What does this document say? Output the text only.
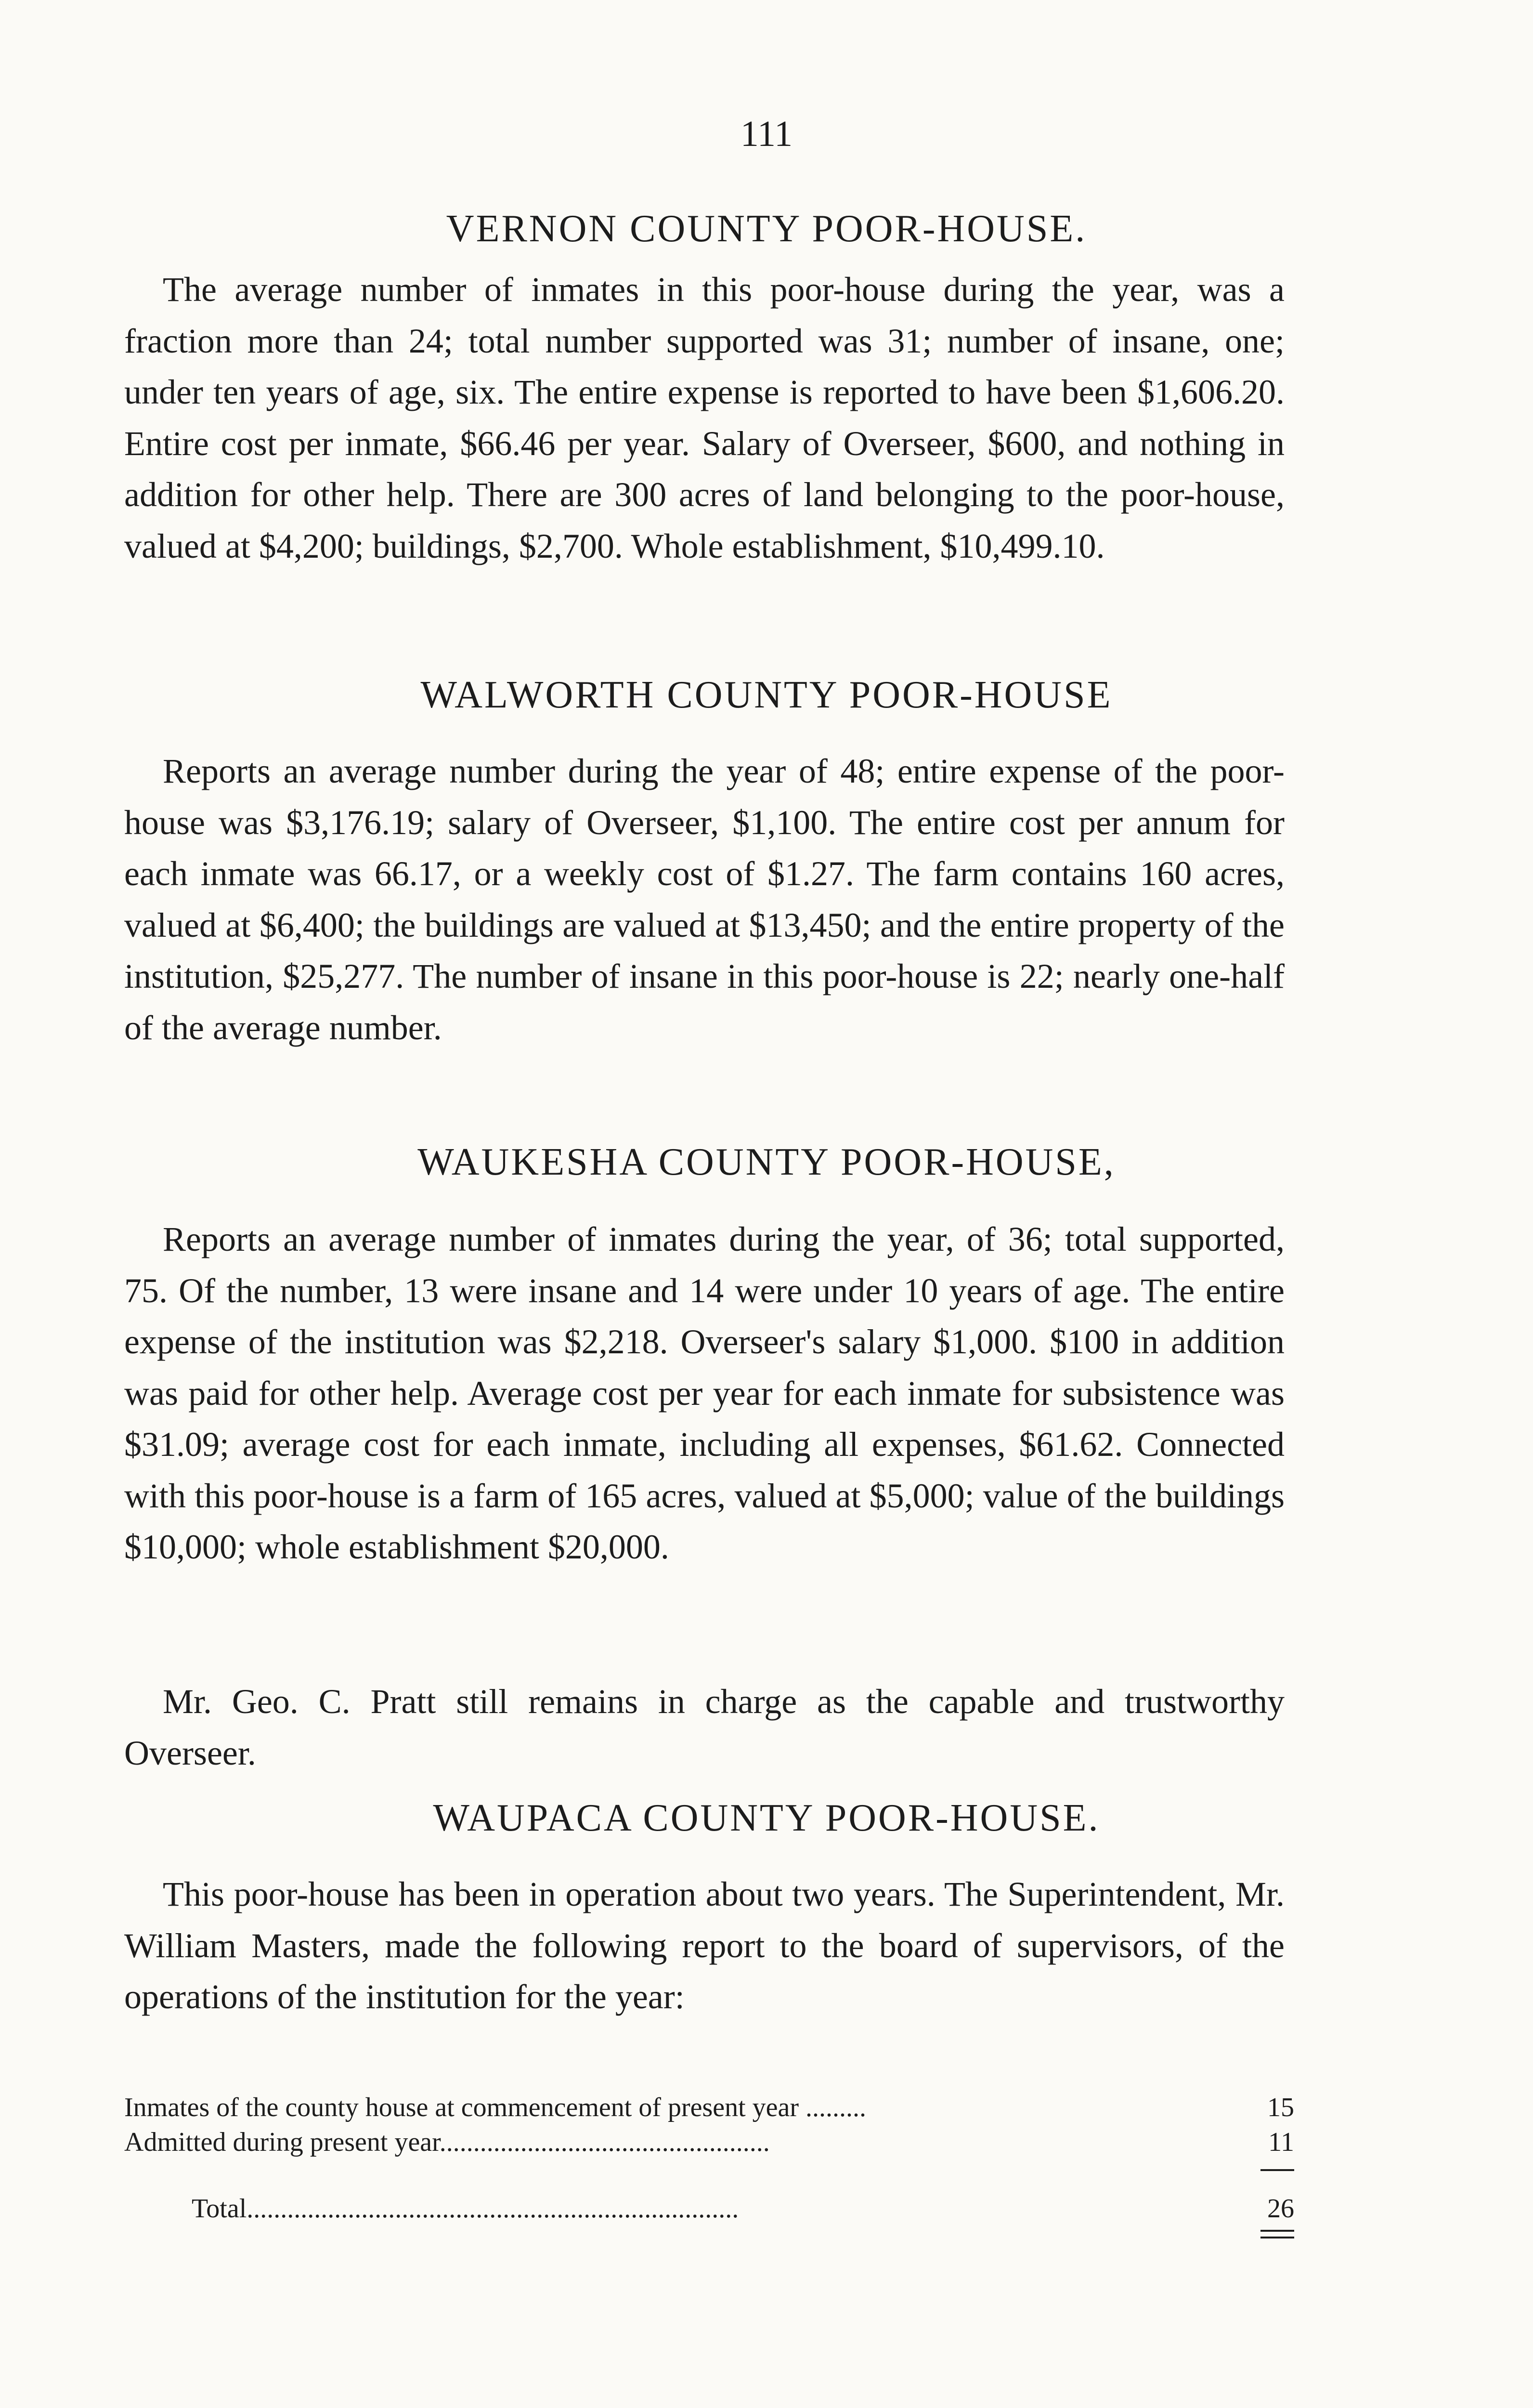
111
VERNON COUNTY POOR-HOUSE.

The average number of inmates in this poor-house during the year, was a fraction more than 24; total number supported was 31; number of insane, one; under ten years of age, six. The entire expense is reported to have been $1,606.20. Entire cost per inmate, $66.46 per year. Salary of Overseer, $600, and nothing in addition for other help. There are 300 acres of land belonging to the poor-house, valued at $4,200; buildings, $2,700. Whole establishment, $10,499.10.

WALWORTH COUNTY POOR-HOUSE

Reports an average number during the year of 48; entire expense of the poor-house was $3,176.19; salary of Overseer, $1,100. The entire cost per annum for each inmate was 66.17, or a weekly cost of $1.27. The farm contains 160 acres, valued at $6,400; the buildings are valued at $13,450; and the entire property of the institution, $25,277. The number of insane in this poor-house is 22; nearly one-half of the average number.

WAUKESHA COUNTY POOR-HOUSE,

Reports an average number of inmates during the year, of 36; total supported, 75. Of the number, 13 were insane and 14 were under 10 years of age. The entire expense of the institution was $2,218. Overseer's salary $1,000. $100 in addition was paid for other help. Average cost per year for each inmate for subsistence was $31.09; average cost for each inmate, including all expenses, $61.62. Connected with this poor-house is a farm of 165 acres, valued at $5,000; value of the buildings $10,000; whole establishment $20,000.

Mr. Geo. C. Pratt still remains in charge as the capable and trustworthy Overseer.

WAUPACA COUNTY POOR-HOUSE.

This poor-house has been in operation about two years. The Superintendent, Mr. William Masters, made the following report to the board of supervisors, of the operations of the institution for the year:

Inmates of the county house at commencement of present year .........	15
Admitted during present year.................................................	11
Total.........................................................................	26
